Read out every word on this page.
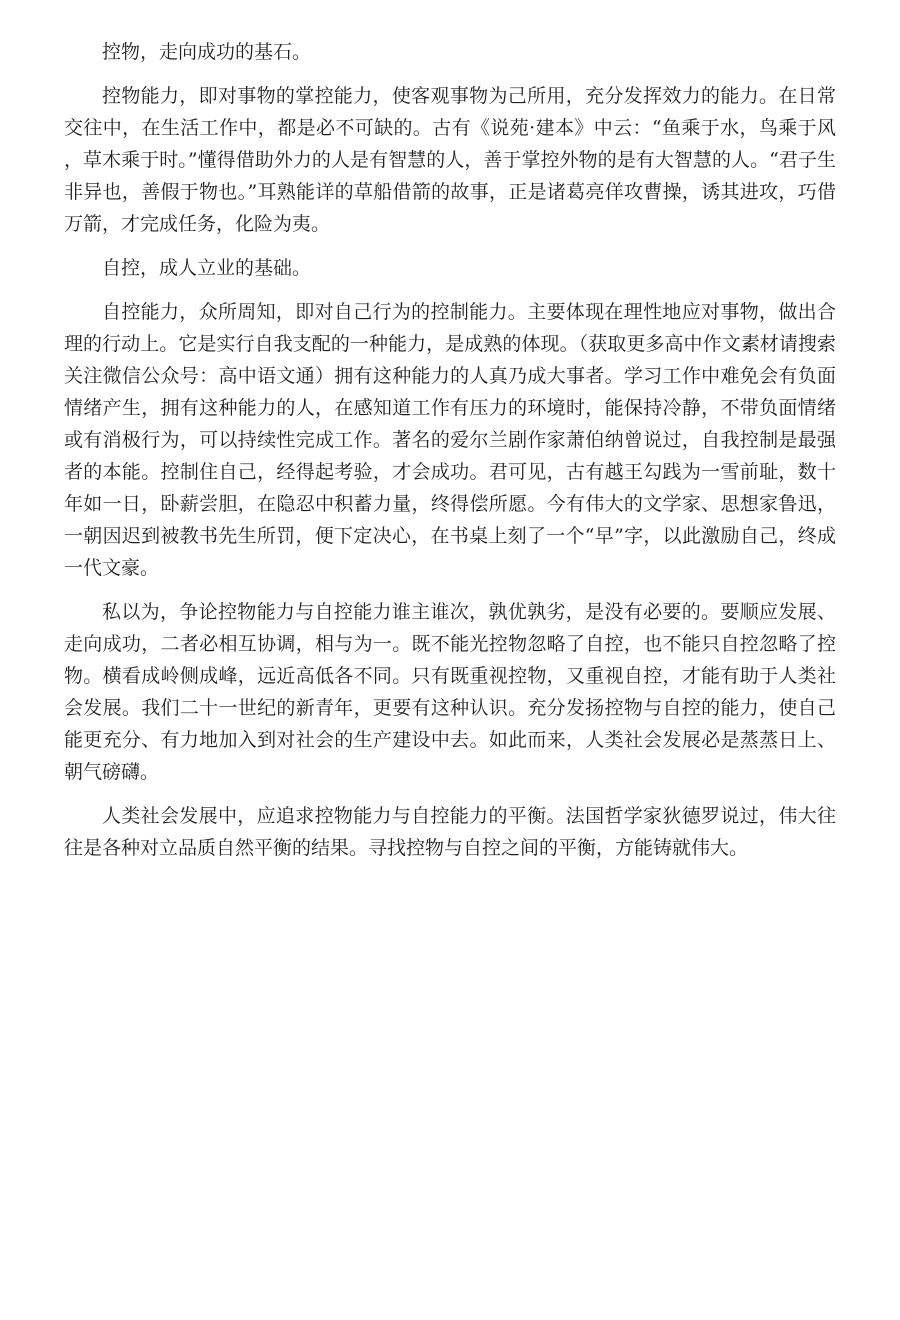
控物，走向成功的基石。

控物能力，即对事物的掌控能力，使客观事物为己所用，充分发挥效力的能力。在日常交往中，在生活工作中，都是必不可缺的。古有《说苑·建本》中云：“鱼乘于水，鸟乘于风，草木乘于时。”懂得借助外力的人是有智慧的人，善于掌控外物的是有大智慧的人。“君子生非异也，善假于物也。”耳熟能详的草船借箭的故事，正是诸葛亮佯攻曹操，诱其进攻，巧借万箭，才完成任务，化险为夷。

自控，成人立业的基础。

自控能力，众所周知，即对自己行为的控制能力。主要体现在理性地应对事物，做出合理的行动上。它是实行自我支配的一种能力，是成熟的体现。（获取更多高中作文素材请搜索关注微信公众号：高中语文通）拥有这种能力的人真乃成大事者。学习工作中难免会有负面情绪产生，拥有这种能力的人，在感知道工作有压力的环境时，能保持冷静，不带负面情绪或有消极行为，可以持续性完成工作。著名的爱尔兰剧作家萧伯纳曾说过，自我控制是最强者的本能。控制住自己，经得起考验，才会成功。君可见，古有越王勾践为一雪前耻，数十年如一日，卧薪尝胆，在隐忍中积蓄力量，终得偿所愿。今有伟大的文学家、思想家鲁迅，一朝因迟到被教书先生所罚，便下定决心，在书桌上刻了一个“早”字，以此激励自己，终成一代文豪。

私以为，争论控物能力与自控能力谁主谁次，孰优孰劣，是没有必要的。要顺应发展、走向成功，二者必相互协调，相与为一。既不能光控物忽略了自控，也不能只自控忽略了控物。横看成岭侧成峰，远近高低各不同。只有既重视控物，又重视自控，才能有助于人类社会发展。我们二十一世纪的新青年，更要有这种认识。充分发扬控物与自控的能力，使自己能更充分、有力地加入到对社会的生产建设中去。如此而来，人类社会发展必是蒸蒸日上、朝气磅礴。

人类社会发展中，应追求控物能力与自控能力的平衡。法国哲学家狄德罗说过，伟大往往是各种对立品质自然平衡的结果。寻找控物与自控之间的平衡，方能铸就伟大。
